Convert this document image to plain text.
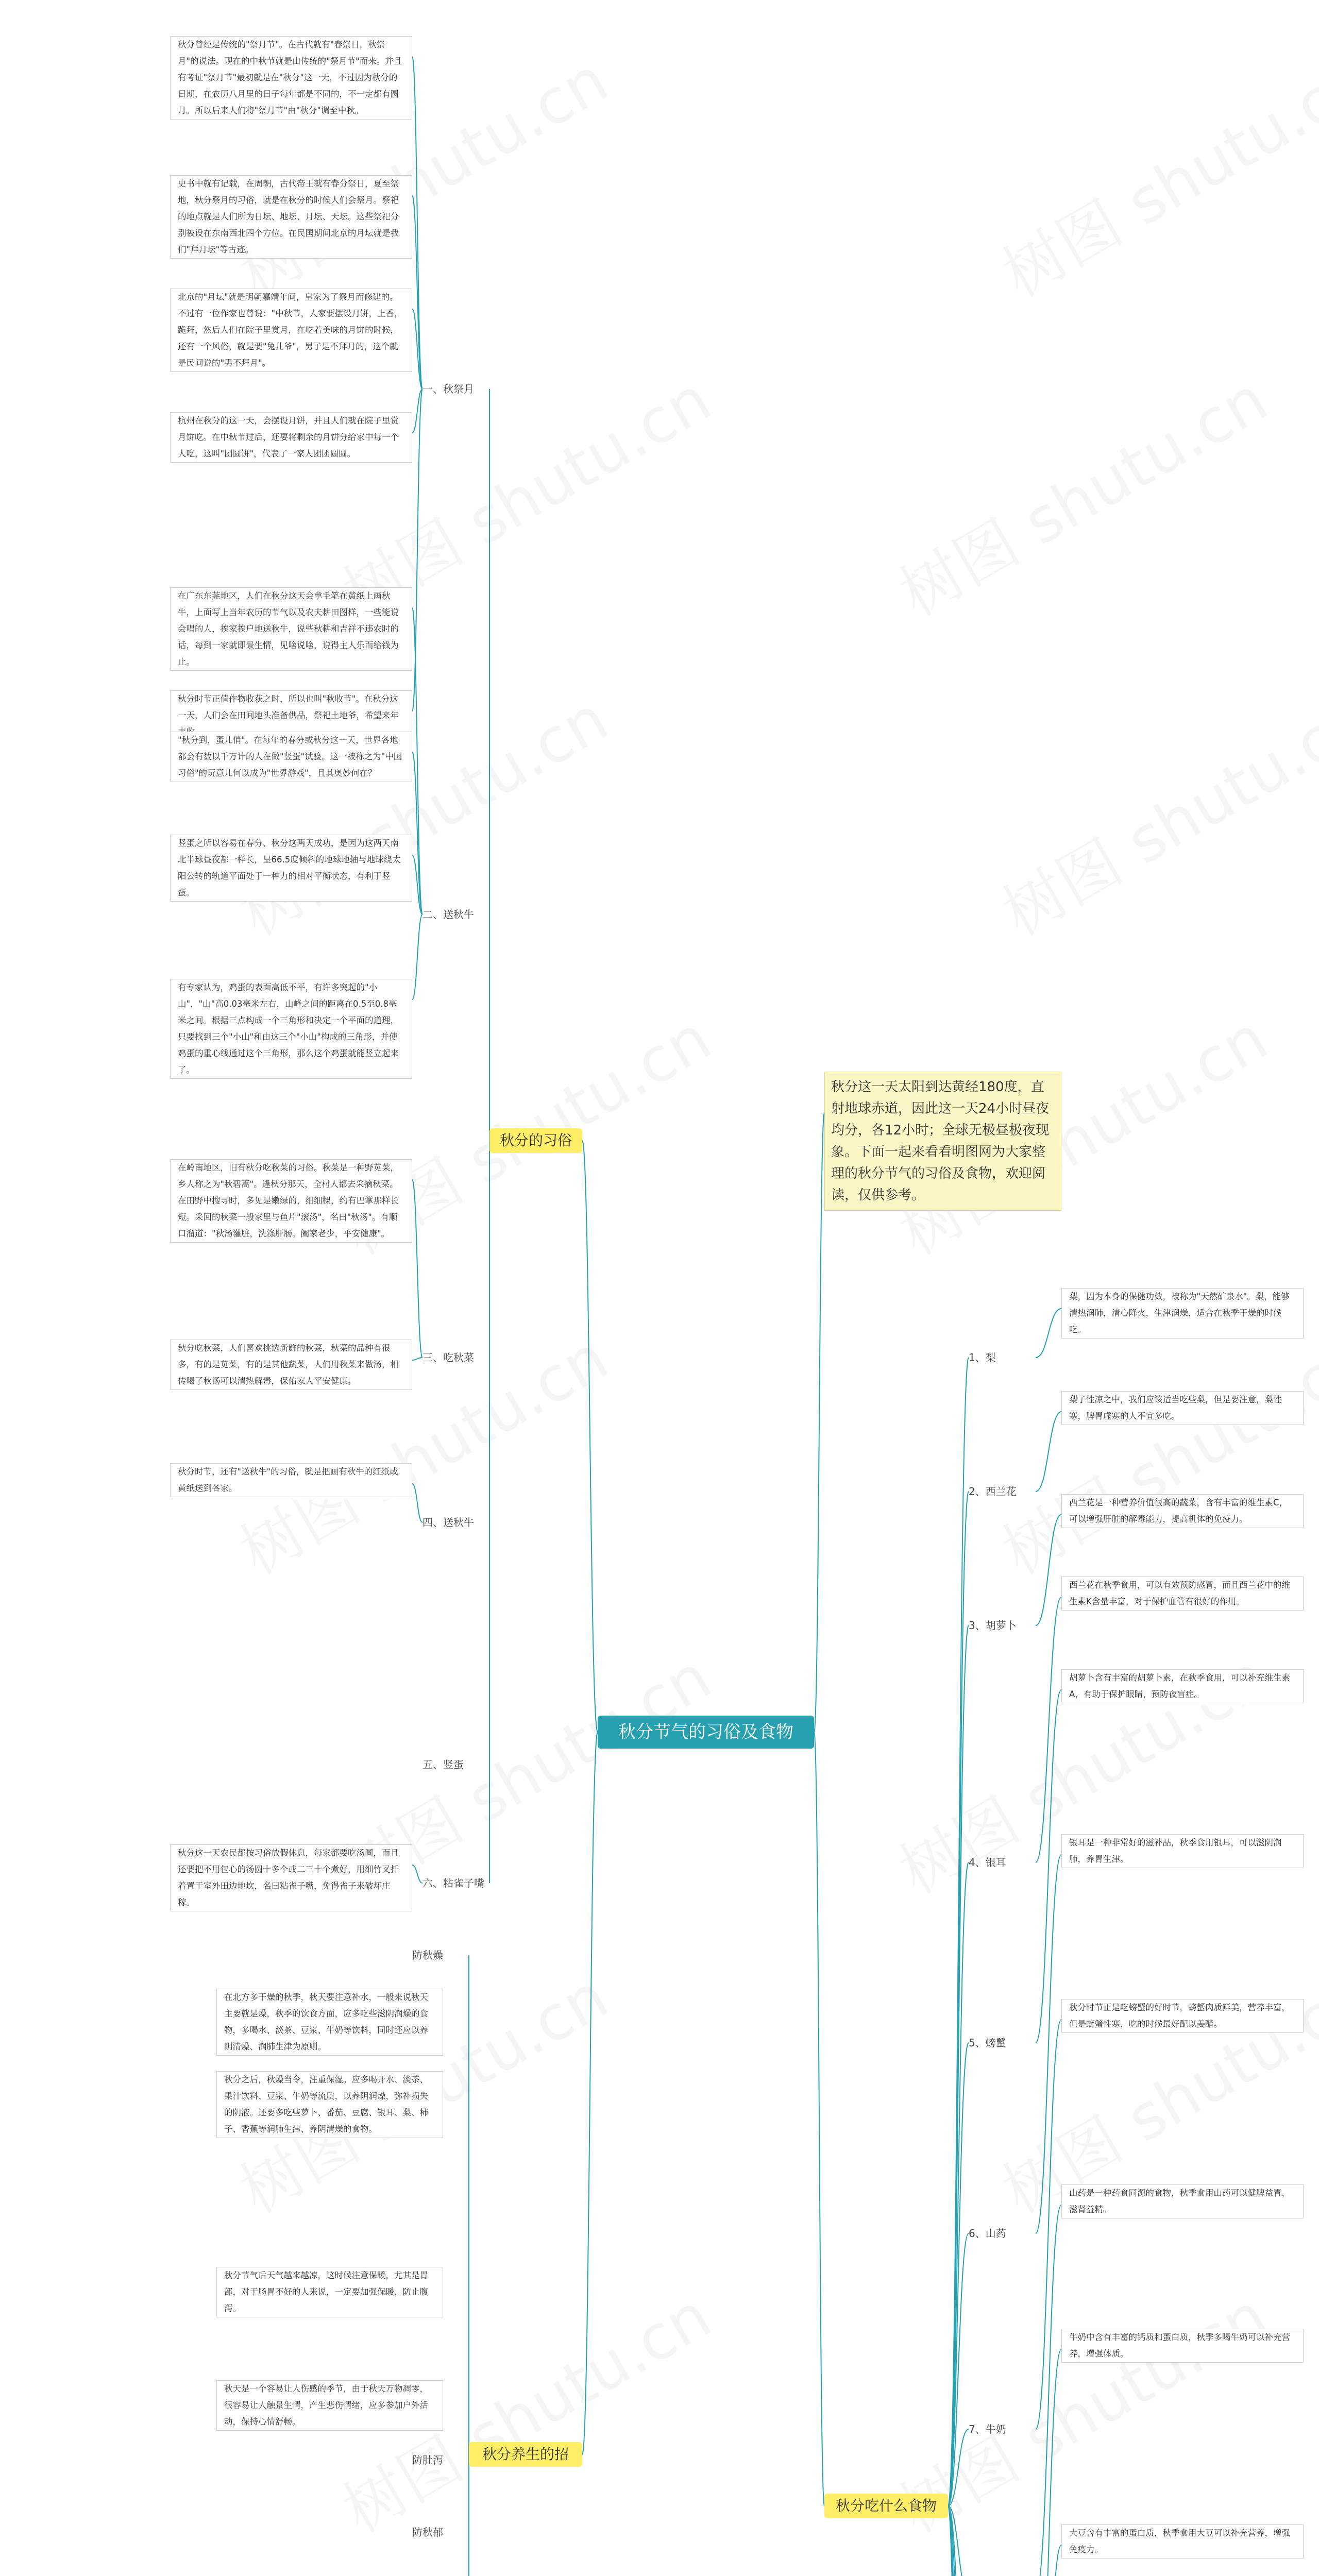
秋分节气的习俗及食物
秋分这一天太阳到达黄经180度，直射地球赤道，因此这一天24小时昼夜均分，各12小时；全球无极昼极夜现象。下面一起来看看明图网为大家整理的秋分节气的习俗及食物，欢迎阅读，仅供参考。
秋分的习俗
秋分养生的招
秋分吃什么食物
秋分曾经是传统的"祭月节"。在古代就有"春祭日，秋祭月"的说法。现在的中秋节就是由传统的"祭月节"而来。并且有考证"祭月节"最初就是在"秋分"这一天，不过因为秋分的日期，在农历八月里的日子每年都是不同的，不一定都有圆月。所以后来人们将"祭月节"由"秋分"调至中秋。
史书中就有记载，在周朝，古代帝王就有春分祭日，夏至祭地，秋分祭月的习俗，就是在秋分的时候人们会祭月。祭祀的地点就是人们所为日坛、地坛、月坛、天坛。这些祭祀分别被设在东南西北四个方位。在民国期间北京的月坛就是我们"拜月坛"等古迹。
北京的"月坛"就是明朝嘉靖年间，皇家为了祭月而修建的。不过有一位作家也曾说："中秋节，人家要摆设月饼，上香，跪拜，然后人们在院子里赏月，在吃着美味的月饼的时候，还有一个风俗，就是要"兔儿爷"，男子是不拜月的，这个就是民间说的"男不拜月"。
杭州在秋分的这一天，会摆设月饼，并且人们就在院子里赏月饼吃。在中秋节过后，还要将剩余的月饼分给家中每一个人吃，这叫"团圆饼"，代表了一家人团团圆圆。
在广东东莞地区，人们在秋分这天会拿毛笔在黄纸上画秋牛，上面写上当年农历的节气以及农夫耕田图样，一些能说会唱的人，挨家挨户地送秋牛，说些秋耕和吉祥不违农时的话，每到一家就即景生情，见啥说啥，说得主人乐而给钱为止。
秋分时节正值作物收获之时，所以也叫"秋收节"。在秋分这一天，人们会在田间地头准备供品，祭祀土地爷，希望来年
"秋分到，蛋儿俏"。在每年的春分或秋分这一天，世界各地都会有数以千万计的人在做"竖蛋"试验。这一被称之为"中国习俗"的玩意儿何以成为"世界游戏"，且其奥妙何在？
竖蛋之所以容易在春分、秋分这两天成功，是因为这两天南北半球昼夜都一样长，呈66.5度倾斜的地球地轴与地球绕太阳公转的轨道平面处于一种力的相对平衡状态，有利于竖蛋。
有专家认为，鸡蛋的表面高低不平，有许多突起的"小山"，"山"高0.03毫米左右，山峰之间的距离在0.5至0.8毫米之间。根据三点构成一个三角形和决定一个平面的道理，只要找到三个"小山"和由这三个"小山"构成的三角形，并使鸡蛋的重心线通过这个三角形，那么这个鸡蛋就能竖立起来了。
在岭南地区，旧有秋分吃秋菜的习俗。秋菜是一种野苋菜，乡人称之为"秋碧蒿"。逢秋分那天，全村人都去采摘秋菜。在田野中搜寻时，多见是嫩绿的，细细棵，约有巴掌那样长短。采回的秋菜一般家里与鱼片"滚汤"，名曰"秋汤"。有顺口溜道："秋汤灌脏，洗涤肝肠。阖家老少，平安健康"。
秋分吃秋菜，人们喜欢挑选新鲜的秋菜，秋菜的品种有很多，有的是苋菜，有的是其他蔬菜，人们用秋菜来做汤，相传喝了秋汤可以清热解毒，保佑家人平安健康。
秋分时节，还有"送秋牛"的习俗，就是把画有秋牛的红纸或黄纸送到各家。
秋分这一天农民都按习俗放假休息，每家都要吃汤圆，而且还要把不用包心的汤圆十多个或二三十个煮好，用细竹叉扦着置于室外田边地坎，名曰粘雀子嘴，免得雀子来破坏庄稼。
一、秋祭月
二、送秋牛
三、吃秋菜
四、送秋牛
五、竖蛋
六、粘雀子嘴
在北方多干燥的秋季，秋天要注意补水，一般来说秋天主要就是燥，秋季的饮食方面，应多吃些滋阴润燥的食物，多喝水、淡茶、豆浆、牛奶等饮料，同时还应以养阴清燥、润肺生津为原则。
秋分之后，秋燥当令，注重保湿。应多喝开水、淡茶、果汁饮料、豆浆、牛奶等流质，以养阴润燥，弥补损失的阴液。还要多吃些萝卜、番茄、豆腐、银耳、梨、柿子、香蕉等润肺生津、养阴清燥的食物。
秋分节气后天气越来越凉，这时候注意保暖，尤其是胃部，对于肠胃不好的人来说，一定要加强保暖，防止腹泻。
秋天是一个容易让人伤感的季节，由于秋天万物凋零，很容易让人触景生情，产生悲伤情绪，应多参加户外活动，保持心情舒畅。
防秋燥
防肚泻
防秋郁
梨，因为本身的保健功效，被称为"天然矿泉水"。梨，能够清热润肺，清心降火，生津润燥，适合在秋季干燥的时候吃。
梨子性凉之中，我们应该适当吃些梨，但是要注意，梨性寒，脾胃虚寒的人不宜多吃。
西兰花是一种营养价值很高的蔬菜，含有丰富的维生素C，可以增强肝脏的解毒能力，提高机体的免疫力。
西兰花在秋季食用，可以有效预防感冒，而且西兰花中的维生素K含量丰富，对于保护血管有很好的作用。
胡萝卜含有丰富的胡萝卜素，在秋季食用，可以补充维生素A，有助于保护眼睛，预防夜盲症。
银耳是一种非常好的滋补品，秋季食用银耳，可以滋阴润肺，养胃生津。
秋分时节正是吃螃蟹的好时节，螃蟹肉质鲜美，营养丰富，但是螃蟹性寒，吃的时候最好配以姜醋。
山药是一种药食同源的食物，秋季食用山药可以健脾益胃，滋肾益精。
牛奶中含有丰富的钙质和蛋白质，秋季多喝牛奶可以补充营养，增强体质。
大豆含有丰富的蛋白质，秋季食用大豆可以补充营养，增强免疫力。
1、梨
2、西兰花
3、胡萝卜
4、银耳
5、螃蟹
6、山药
7、牛奶
